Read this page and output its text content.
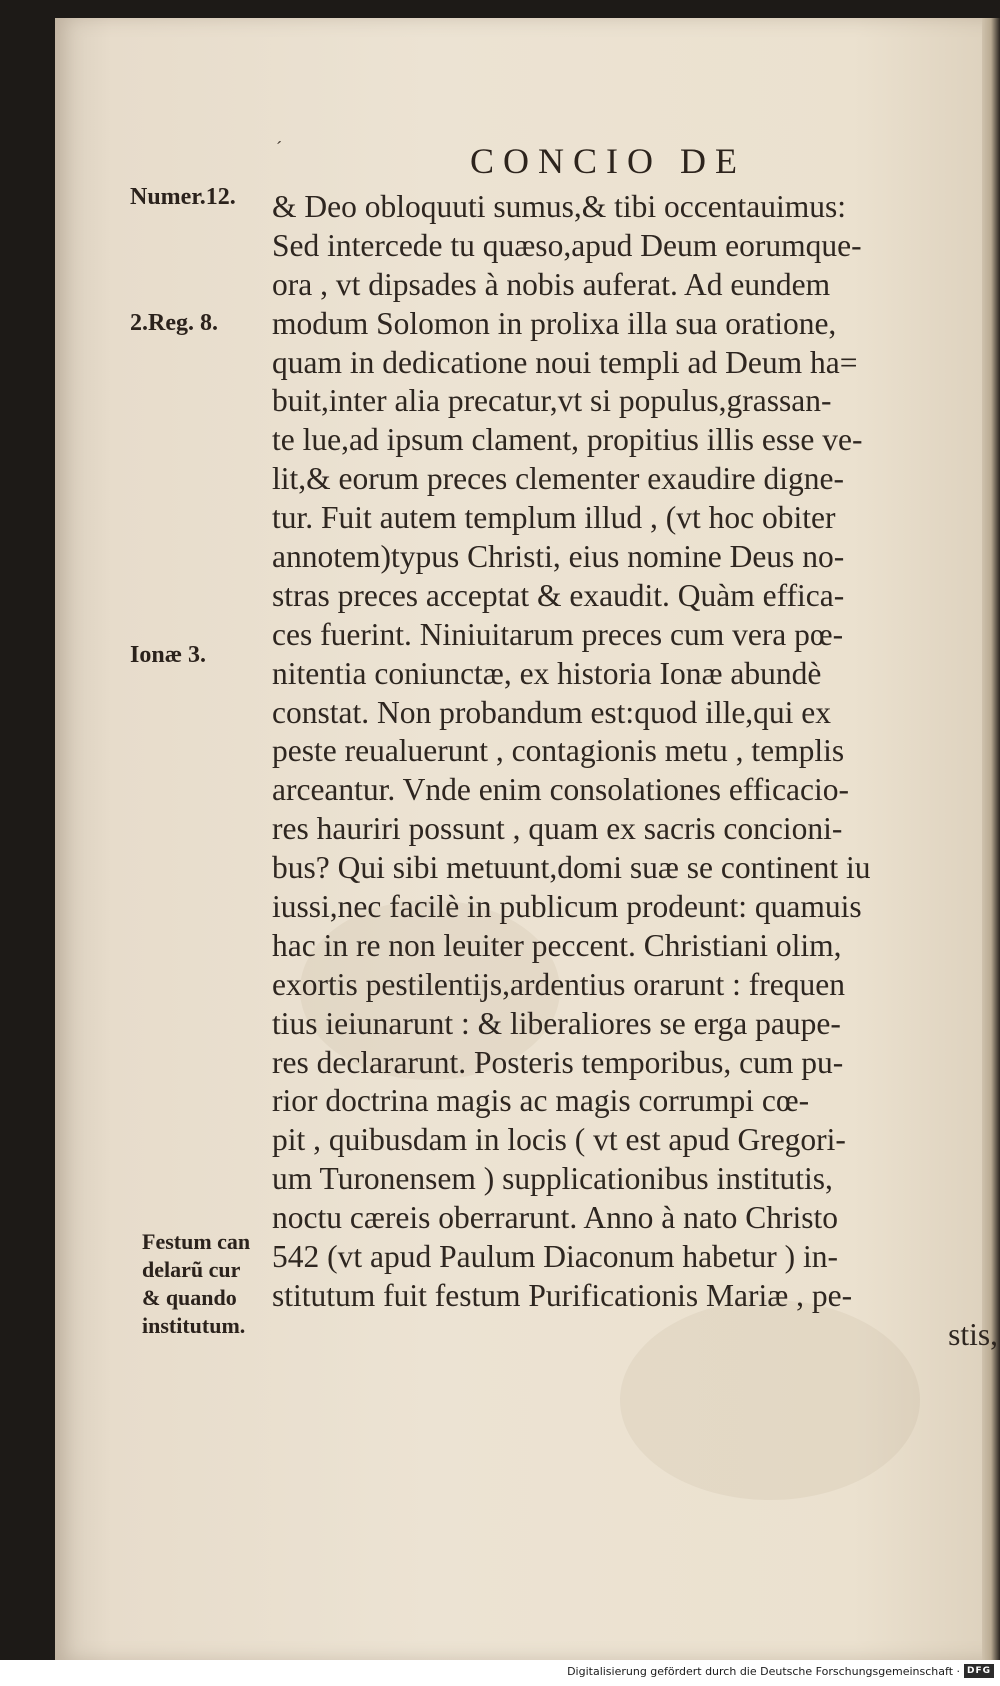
´	CONCIO DE
Numer.12.
2.Reg. 8.
Ionæ 3.
Festum can
delarũ cur
& quando
institutum.
& Deo obloquuti sumus,& tibi occentauimus:
Sed intercede tu quæso,apud Deum eorumque-
ora , vt dipsades à nobis auferat. Ad eundem
modum Solomon in prolixa illa sua oratione,
quam in dedicatione noui templi ad Deum ha=
buit,inter alia precatur,vt si populus,grassan-
te lue,ad ipsum clament, propitius illis esse ve-
lit,& eorum preces clementer exaudire digne-
tur. Fuit autem templum illud , (vt hoc obiter
annotem)typus Christi, eius nomine Deus no-
stras preces acceptat & exaudit. Quàm effica-
ces fuerint. Niniuitarum preces cum vera pœ-
nitentia coniunctæ, ex historia Ionæ abundè
constat. Non probandum est:quod ille,qui ex
peste reualuerunt , contagionis metu , templis
arceantur. Vnde enim consolationes efficacio-
res hauriri possunt , quam ex sacris concioni-
bus? Qui sibi metuunt,domi suæ se continent iu
iussi,nec facilè in publicum prodeunt: quamuis
hac in re non leuiter peccent. Christiani olim,
exortis pestilentijs,ardentius orarunt : frequen
tius ieiunarunt : & liberaliores se erga paupe-
res declararunt. Posteris temporibus, cum pu-
rior doctrina magis ac magis corrumpi cœ-
pit , quibusdam in locis ( vt est apud Gregori-
um Turonensem ) supplicationibus institutis,
noctu cæreis oberrarunt. Anno à nato Christo
542 (vt apud Paulum Diaconum habetur ) in-
stitutum fuit festum Purificationis Mariæ , pe-
stis,
Digitalisierung gefördert durch die Deutsche Forschungsgemeinschaft · DFG
